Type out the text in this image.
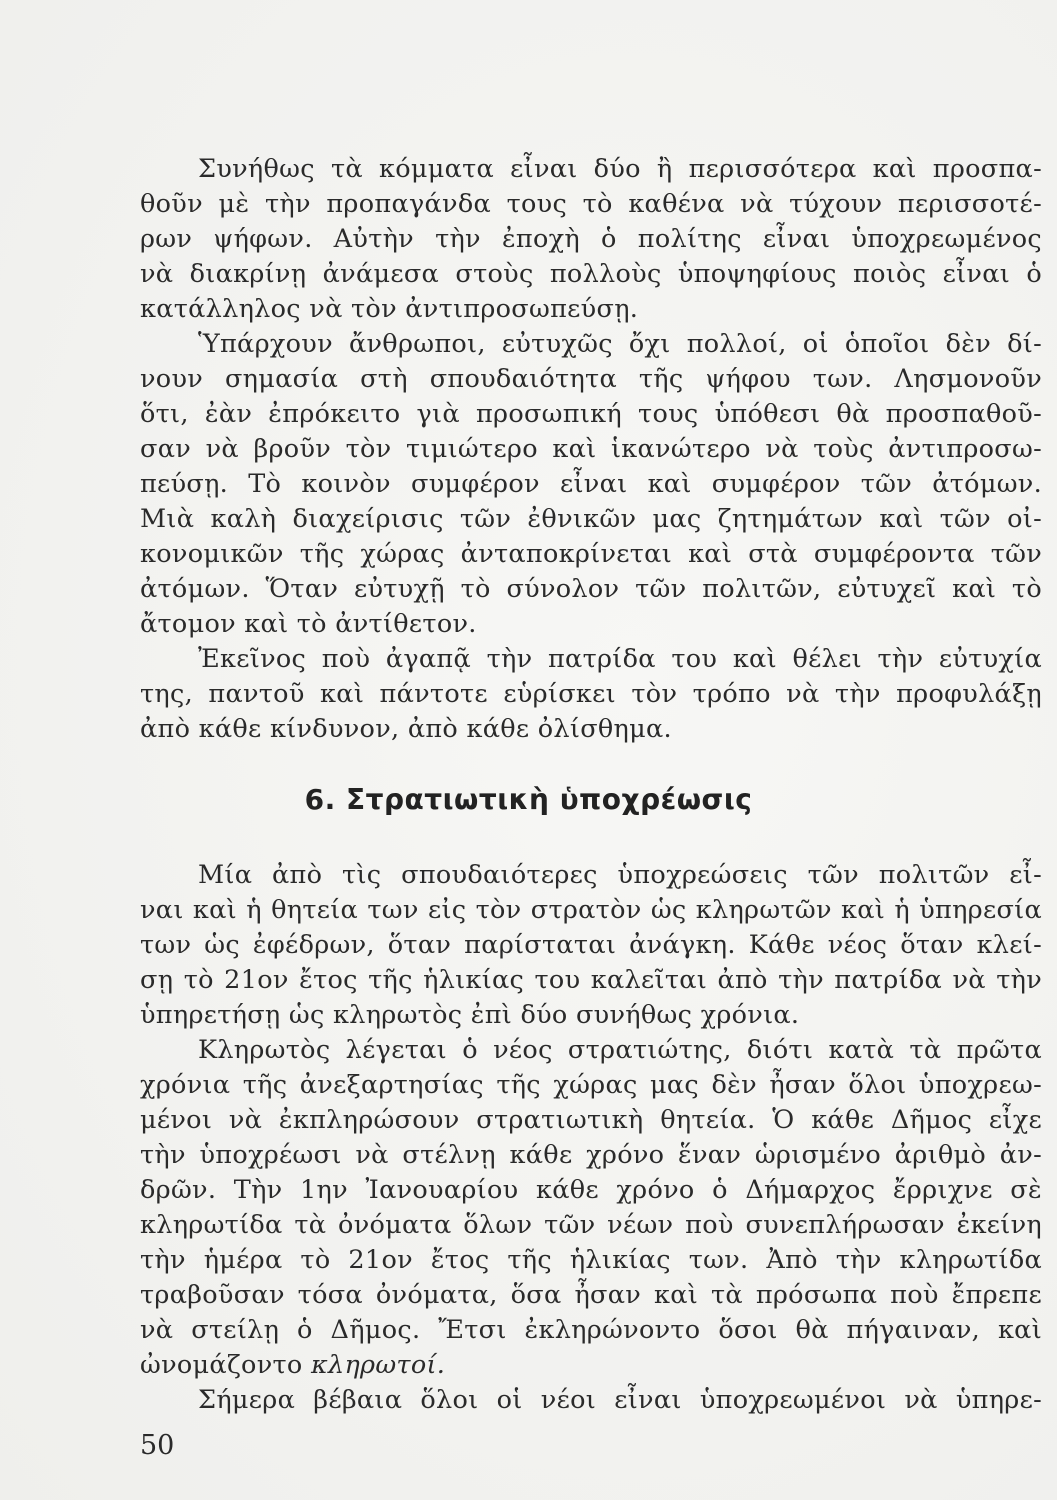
Συνήθως τὰ κόμματα εἶναι δύο ἢ περισσότερα καὶ προσπα-
θοῦν μὲ τὴν προπαγάνδα τους τὸ καθένα νὰ τύχουν περισσοτέ-
ρων ψήφων. Αὐτὴν τὴν ἐποχὴ ὁ πολίτης εἶναι ὑποχρεωμένος
νὰ διακρίνῃ ἀνάμεσα στοὺς πολλοὺς ὑποψηφίους ποιὸς εἶναι ὁ
κατάλληλος νὰ τὸν ἀντιπροσωπεύσῃ.
Ὑπάρχουν ἄνθρωποι, εὐτυχῶς ὄχι πολλοί, οἱ ὁποῖοι δὲν δί-
νουν σημασία στὴ σπουδαιότητα τῆς ψήφου των. Λησμονοῦν
ὅτι, ἐὰν ἐπρόκειτο γιὰ προσωπική τους ὑπόθεσι θὰ προσπαθοῦ-
σαν νὰ βροῦν τὸν τιμιώτερο καὶ ἱκανώτερο νὰ τοὺς ἀντιπροσω-
πεύσῃ. Τὸ κοινὸν συμφέρον εἶναι καὶ συμφέρον τῶν ἀτόμων.
Μιὰ καλὴ διαχείρισις τῶν ἐθνικῶν μας ζητημάτων καὶ τῶν οἰ-
κονομικῶν τῆς χώρας ἀνταποκρίνεται καὶ στὰ συμφέροντα τῶν
ἀτόμων. Ὅταν εὐτυχῇ τὸ σύνολον τῶν πολιτῶν, εὐτυχεῖ καὶ τὸ
ἄτομον καὶ τὸ ἀντίθετον.
Ἐκεῖνος ποὺ ἀγαπᾷ τὴν πατρίδα του καὶ θέλει τὴν εὐτυχία
της, παντοῦ καὶ πάντοτε εὑρίσκει τὸν τρόπο νὰ τὴν προφυλάξῃ
ἀπὸ κάθε κίνδυνον, ἀπὸ κάθε ὀλίσθημα.
6. Στρατιωτικὴ ὑποχρέωσις
Μία ἀπὸ τὶς σπουδαιότερες ὑποχρεώσεις τῶν πολιτῶν εἶ-
ναι καὶ ἡ θητεία των εἰς τὸν στρατὸν ὡς κληρωτῶν καὶ ἡ ὑπηρεσία
των ὡς ἐφέδρων, ὅταν παρίσταται ἀνάγκη. Κάθε νέος ὅταν κλεί-
σῃ τὸ 21ον ἔτος τῆς ἡλικίας του καλεῖται ἀπὸ τὴν πατρίδα νὰ τὴν
ὑπηρετήσῃ ὡς κληρωτὸς ἐπὶ δύο συνήθως χρόνια.
Κληρωτὸς λέγεται ὁ νέος στρατιώτης, διότι κατὰ τὰ πρῶτα
χρόνια τῆς ἀνεξαρτησίας τῆς χώρας μας δὲν ἦσαν ὅλοι ὑποχρεω-
μένοι νὰ ἐκπληρώσουν στρατιωτικὴ θητεία. Ὁ κάθε Δῆμος εἶχε
τὴν ὑποχρέωσι νὰ στέλνῃ κάθε χρόνο ἕναν ὡρισμένο ἀριθμὸ ἀν-
δρῶν. Τὴν 1ην Ἰανουαρίου κάθε χρόνο ὁ Δήμαρχος ἔρριχνε σὲ
κληρωτίδα τὰ ὀνόματα ὅλων τῶν νέων ποὺ συνεπλήρωσαν ἐκείνη
τὴν ἡμέρα τὸ 21ον ἔτος τῆς ἡλικίας των. Ἀπὸ τὴν κληρωτίδα
τραβοῦσαν τόσα ὀνόματα, ὅσα ἦσαν καὶ τὰ πρόσωπα ποὺ ἔπρεπε
νὰ στείλῃ ὁ Δῆμος. Ἔτσι ἐκληρώνοντο ὅσοι θὰ πήγαιναν, καὶ
ὠνομάζοντο κληρωτοί.
Σήμερα βέβαια ὅλοι οἱ νέοι εἶναι ὑποχρεωμένοι νὰ ὑπηρε-
50
